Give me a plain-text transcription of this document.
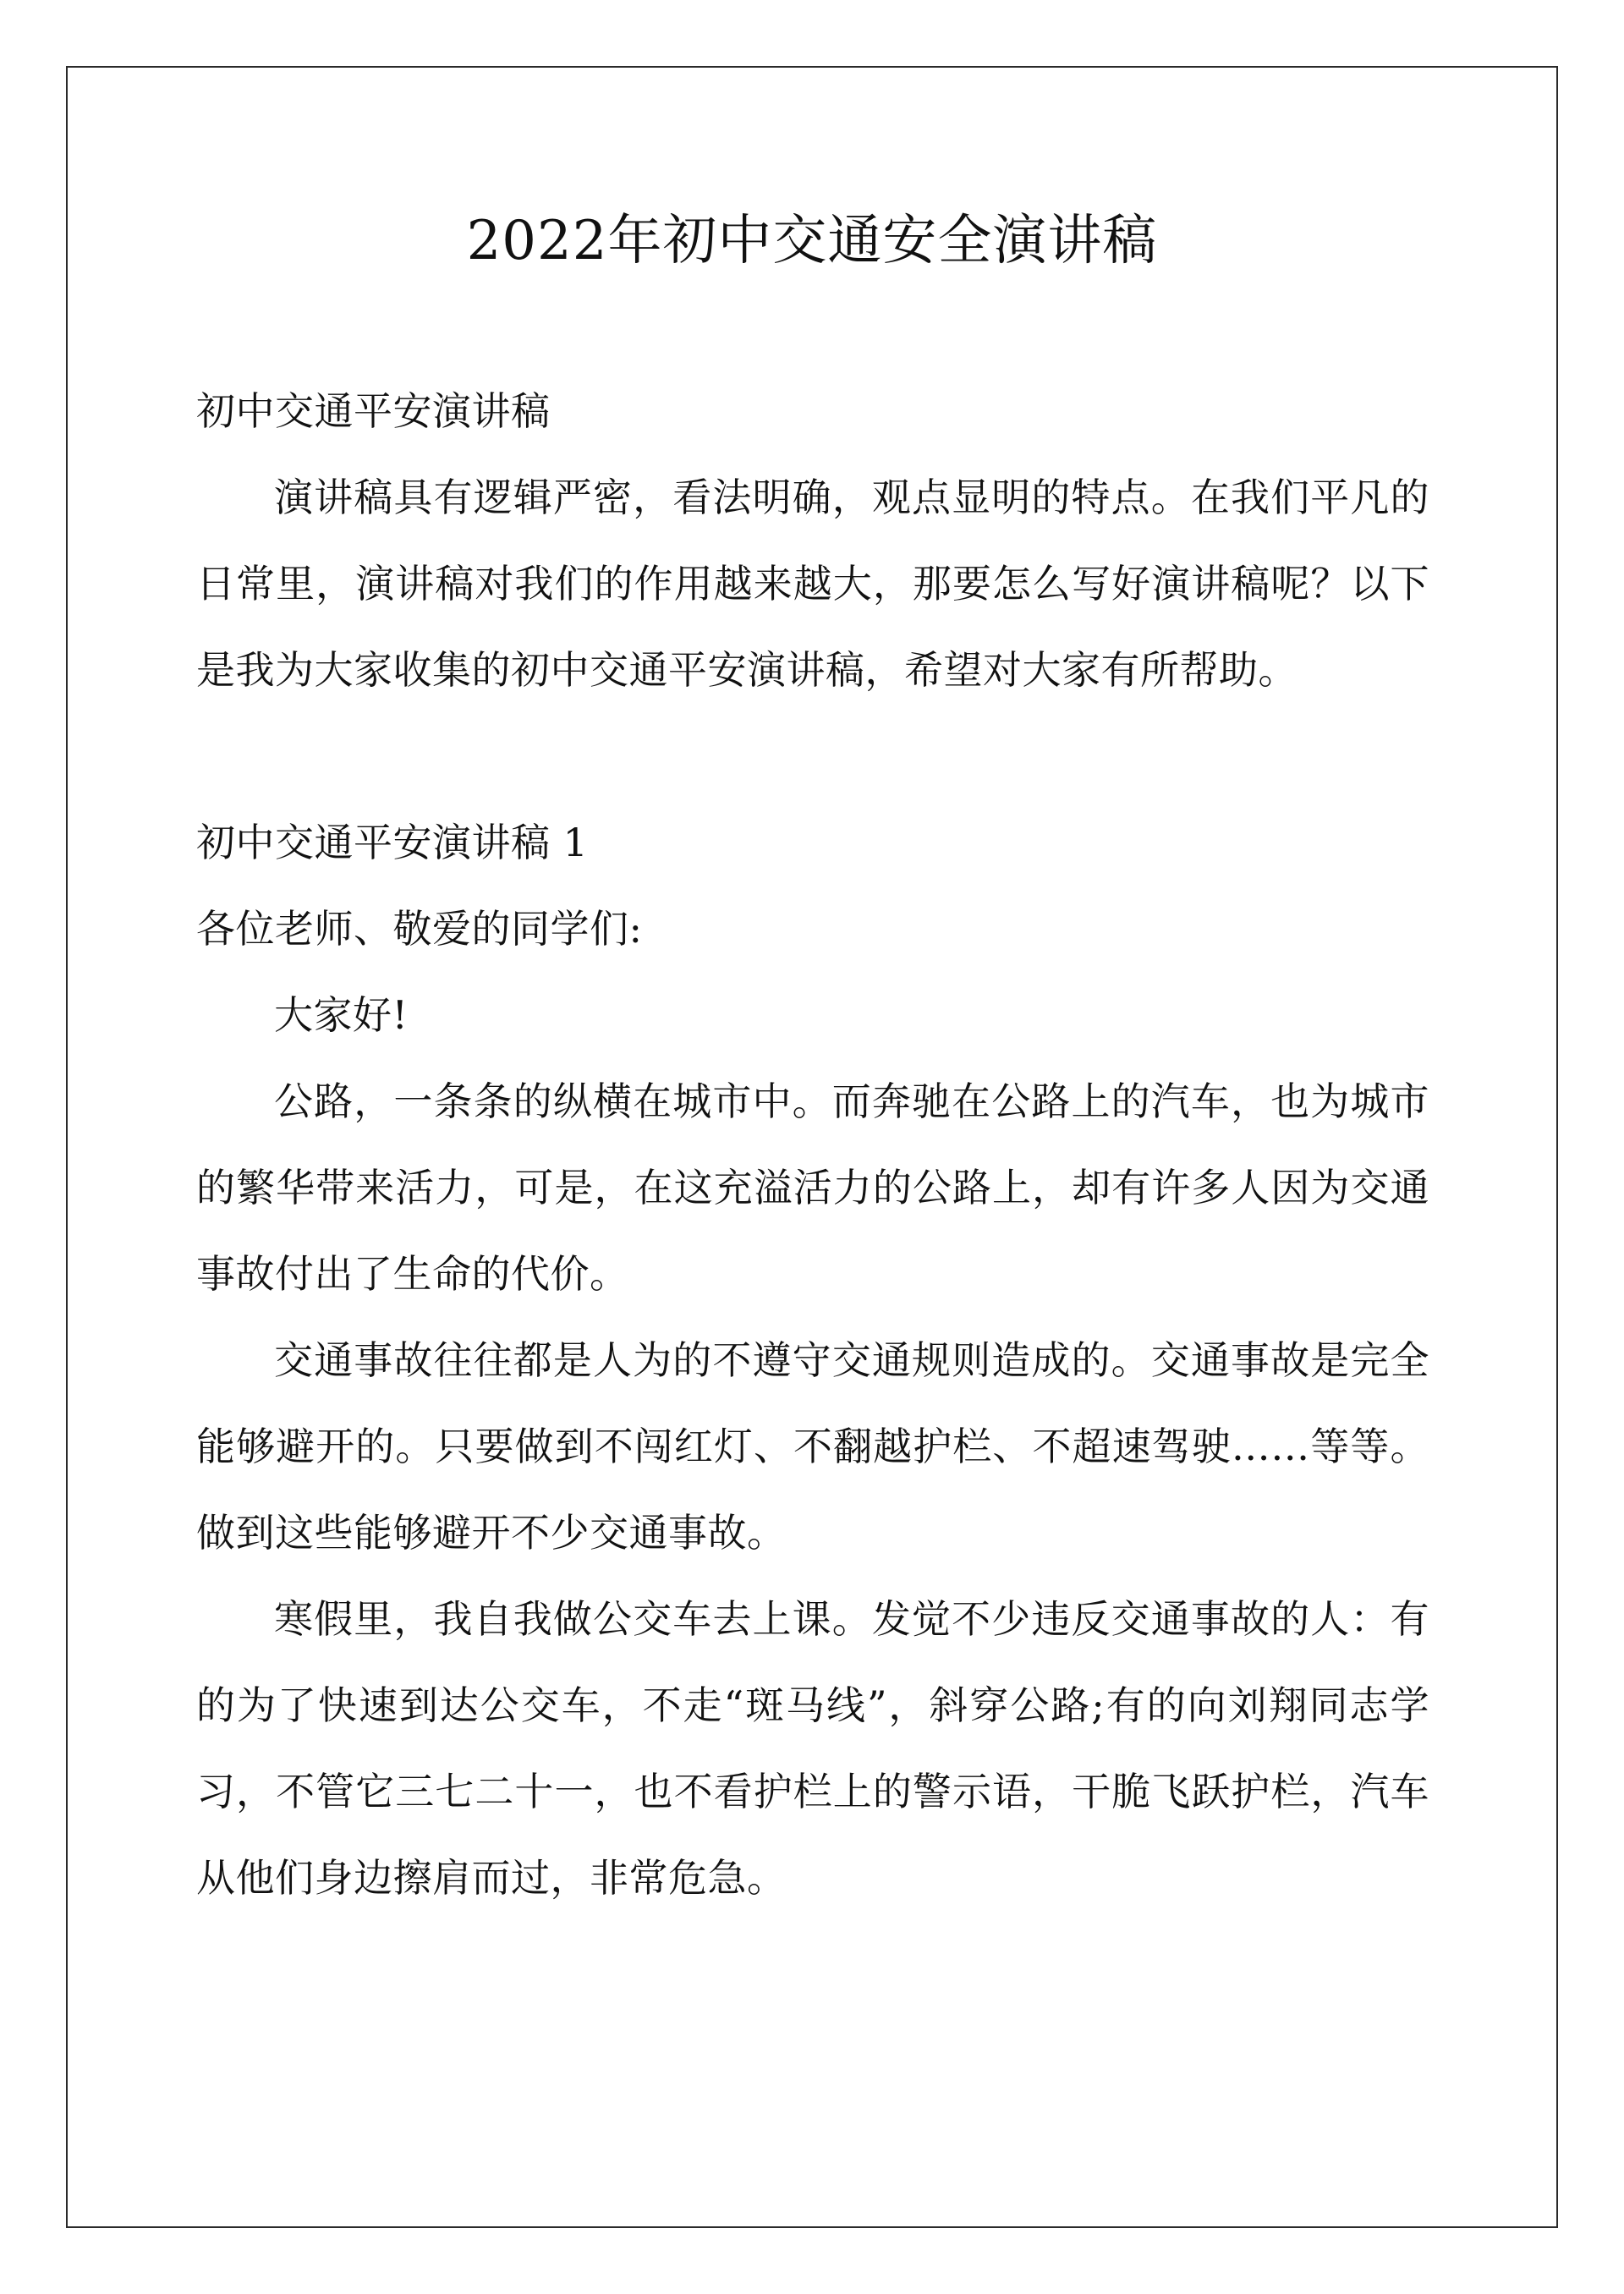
2022年初中交通安全演讲稿

初中交通平安演讲稿

演讲稿具有逻辑严密，看法明确，观点显明的特点。在我们平凡的日常里，演讲稿对我们的作用越来越大，那要怎么写好演讲稿呢？以下是我为大家收集的初中交通平安演讲稿，希望对大家有所帮助。

初中交通平安演讲稿 1

各位老师、敬爱的同学们:

大家好!

公路，一条条的纵横在城市中。而奔驰在公路上的汽车，也为城市的繁华带来活力，可是，在这充溢活力的公路上，却有许多人因为交通事故付出了生命的代价。

交通事故往往都是人为的不遵守交通规则造成的。交通事故是完全能够避开的。只要做到不闯红灯、不翻越护栏、不超速驾驶……等等。做到这些能够避开不少交通事故。

寒假里，我自我做公交车去上课。发觉不少违反交通事故的人：有的为了快速到达公交车，不走“斑马线”，斜穿公路;有的向刘翔同志学习，不管它三七二十一，也不看护栏上的警示语，干脆飞跃护栏，汽车从他们身边擦肩而过，非常危急。
